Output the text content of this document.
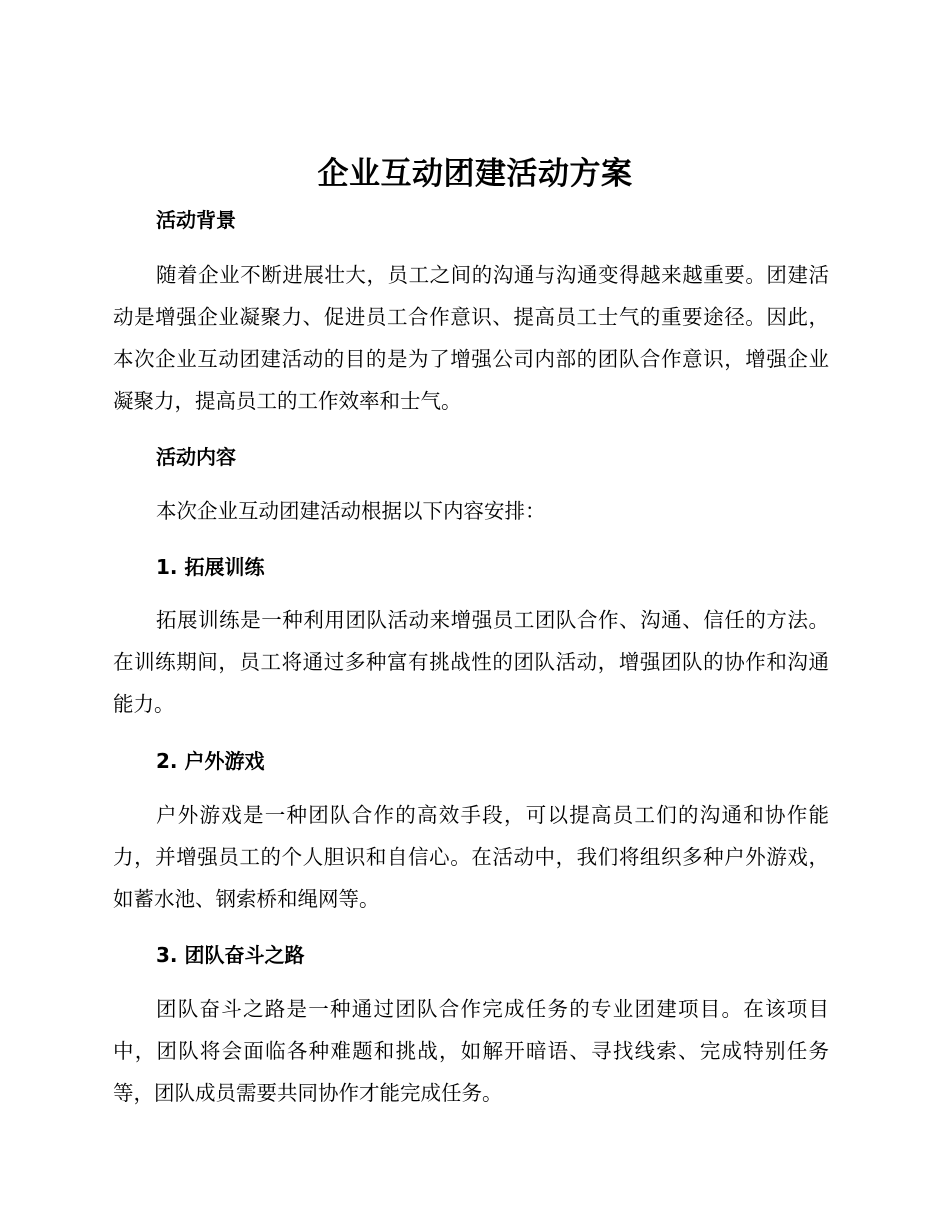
企业互动团建活动方案
活动背景

随着企业不断进展壮大，员工之间的沟通与沟通变得越来越重要。团建活动是增强企业凝聚力、促进员工合作意识、提高员工士气的重要途径。因此，本次企业互动团建活动的目的是为了增强公司内部的团队合作意识，增强企业凝聚力，提高员工的工作效率和士气。

活动内容
本次企业互动团建活动根据以下内容安排：
1. 拓展训练

拓展训练是一种利用团队活动来增强员工团队合作、沟通、信任的方法。在训练期间，员工将通过多种富有挑战性的团队活动，增强团队的协作和沟通能力。

2. 户外游戏

户外游戏是一种团队合作的高效手段，可以提高员工们的沟通和协作能力，并增强员工的个人胆识和自信心。在活动中，我们将组织多种户外游戏，如蓄水池、钢索桥和绳网等。

3. 团队奋斗之路

团队奋斗之路是一种通过团队合作完成任务的专业团建项目。在该项目中，团队将会面临各种难题和挑战，如解开暗语、寻找线索、完成特别任务等，团队成员需要共同协作才能完成任务。
